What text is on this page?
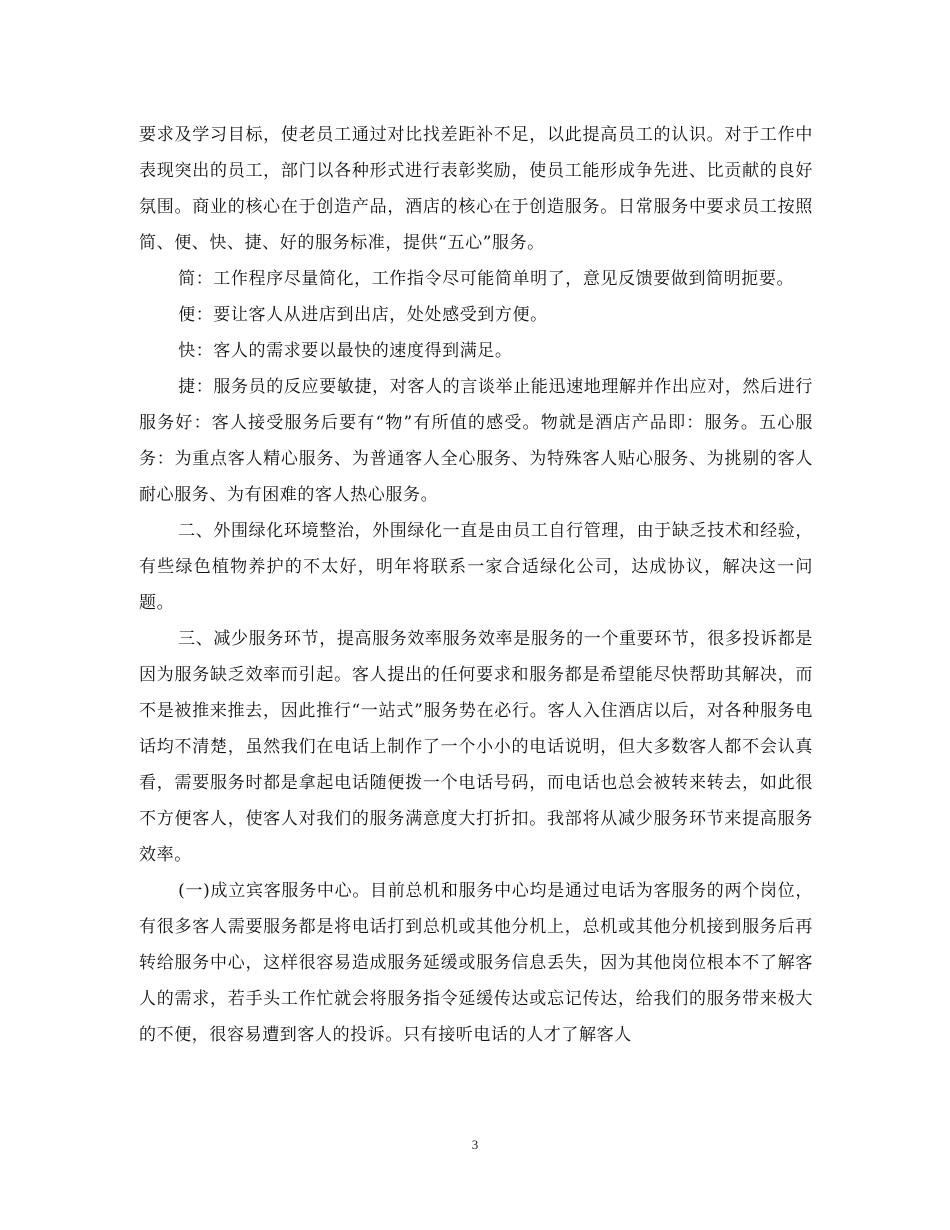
要求及学习目标，使老员工通过对比找差距补不足，以此提高员工的认识。对于工作中表现突出的员工，部门以各种形式进行表彰奖励，使员工能形成争先进、比贡献的良好氛围。商业的核心在于创造产品，酒店的核心在于创造服务。日常服务中要求员工按照简、便、快、捷、好的服务标准，提供“五心”服务。

简：工作程序尽量简化，工作指令尽可能简单明了，意见反馈要做到简明扼要。

便：要让客人从进店到出店，处处感受到方便。

快：客人的需求要以最快的速度得到满足。

捷：服务员的反应要敏捷，对客人的言谈举止能迅速地理解并作出应对，然后进行服务好：客人接受服务后要有“物”有所值的感受。物就是酒店产品即：服务。五心服务：为重点客人精心服务、为普通客人全心服务、为特殊客人贴心服务、为挑剔的客人耐心服务、为有困难的客人热心服务。

二、外围绿化环境整治，外围绿化一直是由员工自行管理，由于缺乏技术和经验，有些绿色植物养护的不太好，明年将联系一家合适绿化公司，达成协议，解决这一问题。

三、减少服务环节，提高服务效率服务效率是服务的一个重要环节，很多投诉都是因为服务缺乏效率而引起。客人提出的任何要求和服务都是希望能尽快帮助其解决，而不是被推来推去，因此推行“一站式”服务势在必行。客人入住酒店以后，对各种服务电话均不清楚，虽然我们在电话上制作了一个小小的电话说明，但大多数客人都不会认真看，需要服务时都是拿起电话随便拨一个电话号码，而电话也总会被转来转去，如此很不方便客人，使客人对我们的服务满意度大打折扣。我部将从减少服务环节来提高服务效率。

(一)成立宾客服务中心。目前总机和服务中心均是通过电话为客服务的两个岗位，有很多客人需要服务都是将电话打到总机或其他分机上，总机或其他分机接到服务后再转给服务中心，这样很容易造成服务延缓或服务信息丢失，因为其他岗位根本不了解客人的需求，若手头工作忙就会将服务指令延缓传达或忘记传达，给我们的服务带来极大的不便，很容易遭到客人的投诉。只有接听电话的人才了解客人

3
